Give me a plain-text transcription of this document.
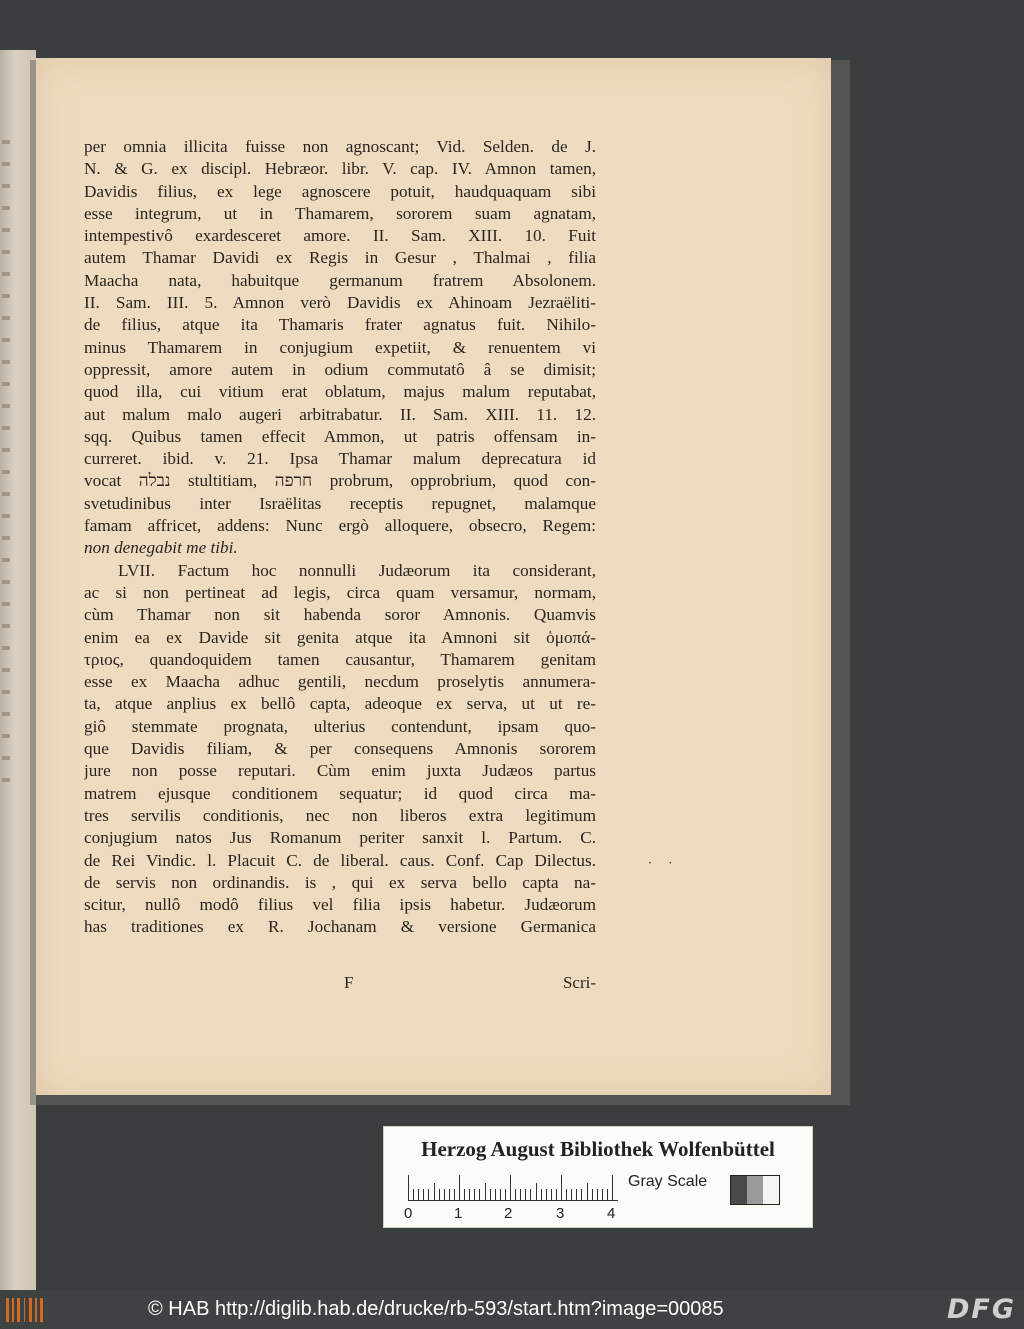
per omnia illicita fuisse non agnoscant; Vid. Selden. de J.
N. & G. ex discipl. Hebræor. libr. V. cap. IV. Amnon tamen,
Davidis filius, ex lege agnoscere potuit, haudquaquam sibi
esse integrum, ut in Thamarem, sororem suam agnatam,
intempestivô exardesceret amore. II. Sam. XIII. 10. Fuit
autem Thamar Davidi ex Regis in Gesur , Thalmai , filia
Maacha nata, habuitque germanum fratrem Absolonem.
II. Sam. III. 5. Amnon verò Davidis ex Ahinoam Jezraëliti-
de filius, atque ita Thamaris frater agnatus fuit. Nihilo-
minus Thamarem in conjugium expetiit, & renuentem vi
oppressit, amore autem in odium commutatô â se dimisit;
quod illa, cui vitium erat oblatum, majus malum reputabat,
aut malum malo augeri arbitrabatur. II. Sam. XIII. 11. 12.
sqq. Quibus tamen effecit Ammon, ut patris offensam in-
curreret. ibid. v. 21. Ipsa Thamar malum deprecatura id
vocat נבלה stultitiam, חרפה probrum, opprobrium, quod con-
svetudinibus inter Israëlitas receptis repugnet, malamque
famam affricet, addens: Nunc ergò alloquere, obsecro, Regem:
non denegabit me tibi.
LVII. Factum hoc nonnulli Judæorum ita considerant,
ac si non pertineat ad legis, circa quam versamur, normam,
cùm Thamar non sit habenda soror Amnonis. Quamvis
enim ea ex Davide sit genita atque ita Amnoni sit ὁμοπά-
τριος, quandoquidem tamen causantur, Thamarem genitam
esse ex Maacha adhuc gentili, necdum proselytis annumera-
ta, atque anplius ex bellô capta, adeoque ex serva, ut ut re-
giô stemmate prognata, ulterius contendunt, ipsam quo-
que Davidis filiam, & per consequens Amnonis sororem
jure non posse reputari. Cùm enim juxta Judæos partus
matrem ejusque conditionem sequatur; id quod circa ma-
tres servilis conditionis, nec non liberos extra legitimum
conjugium natos Jus Romanum periter sanxit l. Partum. C.
de Rei Vindic. l. Placuit C. de liberal. caus. Conf. Cap Dilectus.
de servis non ordinandis. is , qui ex serva bello capta na-
scitur, nullô modô filius vel filia ipsis habetur. Judæorum
has traditiones ex R. Jochanam & versione Germanica
F	Scri-
· ·
Herzog August Bibliothek Wolfenbüttel
0	1	2	3	4
Gray Scale
© HAB http://diglib.hab.de/drucke/rb-593/start.htm?image=00085	DFG
